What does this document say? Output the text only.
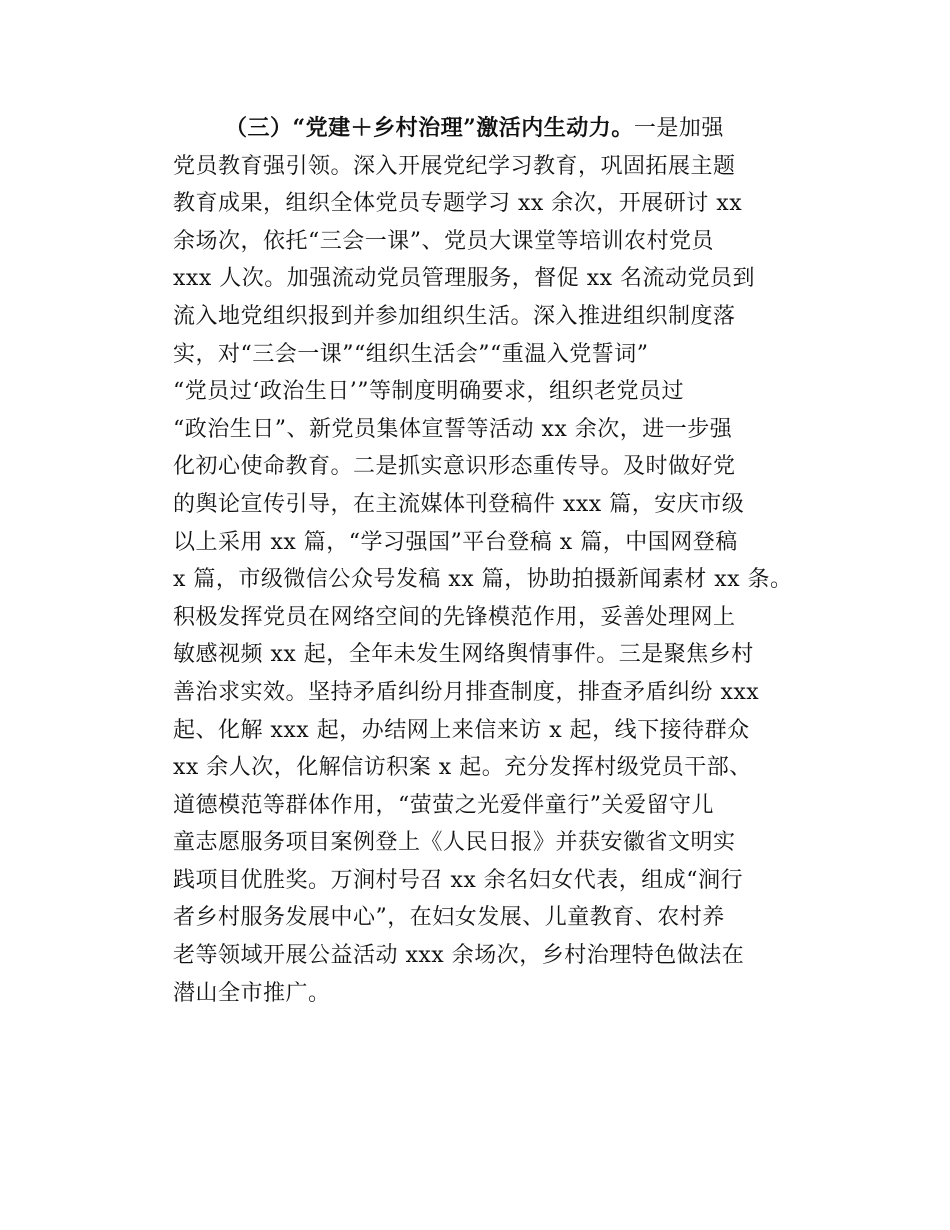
（三）“党建＋乡村治理”激活内生动力。一是加强
党员教育强引领。深入开展党纪学习教育，巩固拓展主题
教育成果，组织全体党员专题学习 xx 余次，开展研讨 xx
余场次，依托“三会一课”、党员大课堂等培训农村党员
xxx 人次。加强流动党员管理服务，督促 xx 名流动党员到
流入地党组织报到并参加组织生活。深入推进组织制度落
实，对“三会一课”“组织生活会”“重温入党誓词”
“党员过‘政治生日’”等制度明确要求，组织老党员过
“政治生日”、新党员集体宣誓等活动 xx 余次，进一步强
化初心使命教育。二是抓实意识形态重传导。及时做好党
的舆论宣传引导，在主流媒体刊登稿件 xxx 篇，安庆市级
以上采用 xx 篇，“学习强国”平台登稿 x 篇，中国网登稿
x 篇，市级微信公众号发稿 xx 篇，协助拍摄新闻素材 xx 条。
积极发挥党员在网络空间的先锋模范作用，妥善处理网上
敏感视频 xx 起，全年未发生网络舆情事件。三是聚焦乡村
善治求实效。坚持矛盾纠纷月排查制度，排查矛盾纠纷 xxx
起、化解 xxx 起，办结网上来信来访 x 起，线下接待群众
xx 余人次，化解信访积案 x 起。充分发挥村级党员干部、
道德模范等群体作用，“萤萤之光爱伴童行”关爱留守儿
童志愿服务项目案例登上《人民日报》并获安徽省文明实
践项目优胜奖。万涧村号召 xx 余名妇女代表，组成“涧行
者乡村服务发展中心”，在妇女发展、儿童教育、农村养
老等领域开展公益活动 xxx 余场次，乡村治理特色做法在
潜山全市推广。
